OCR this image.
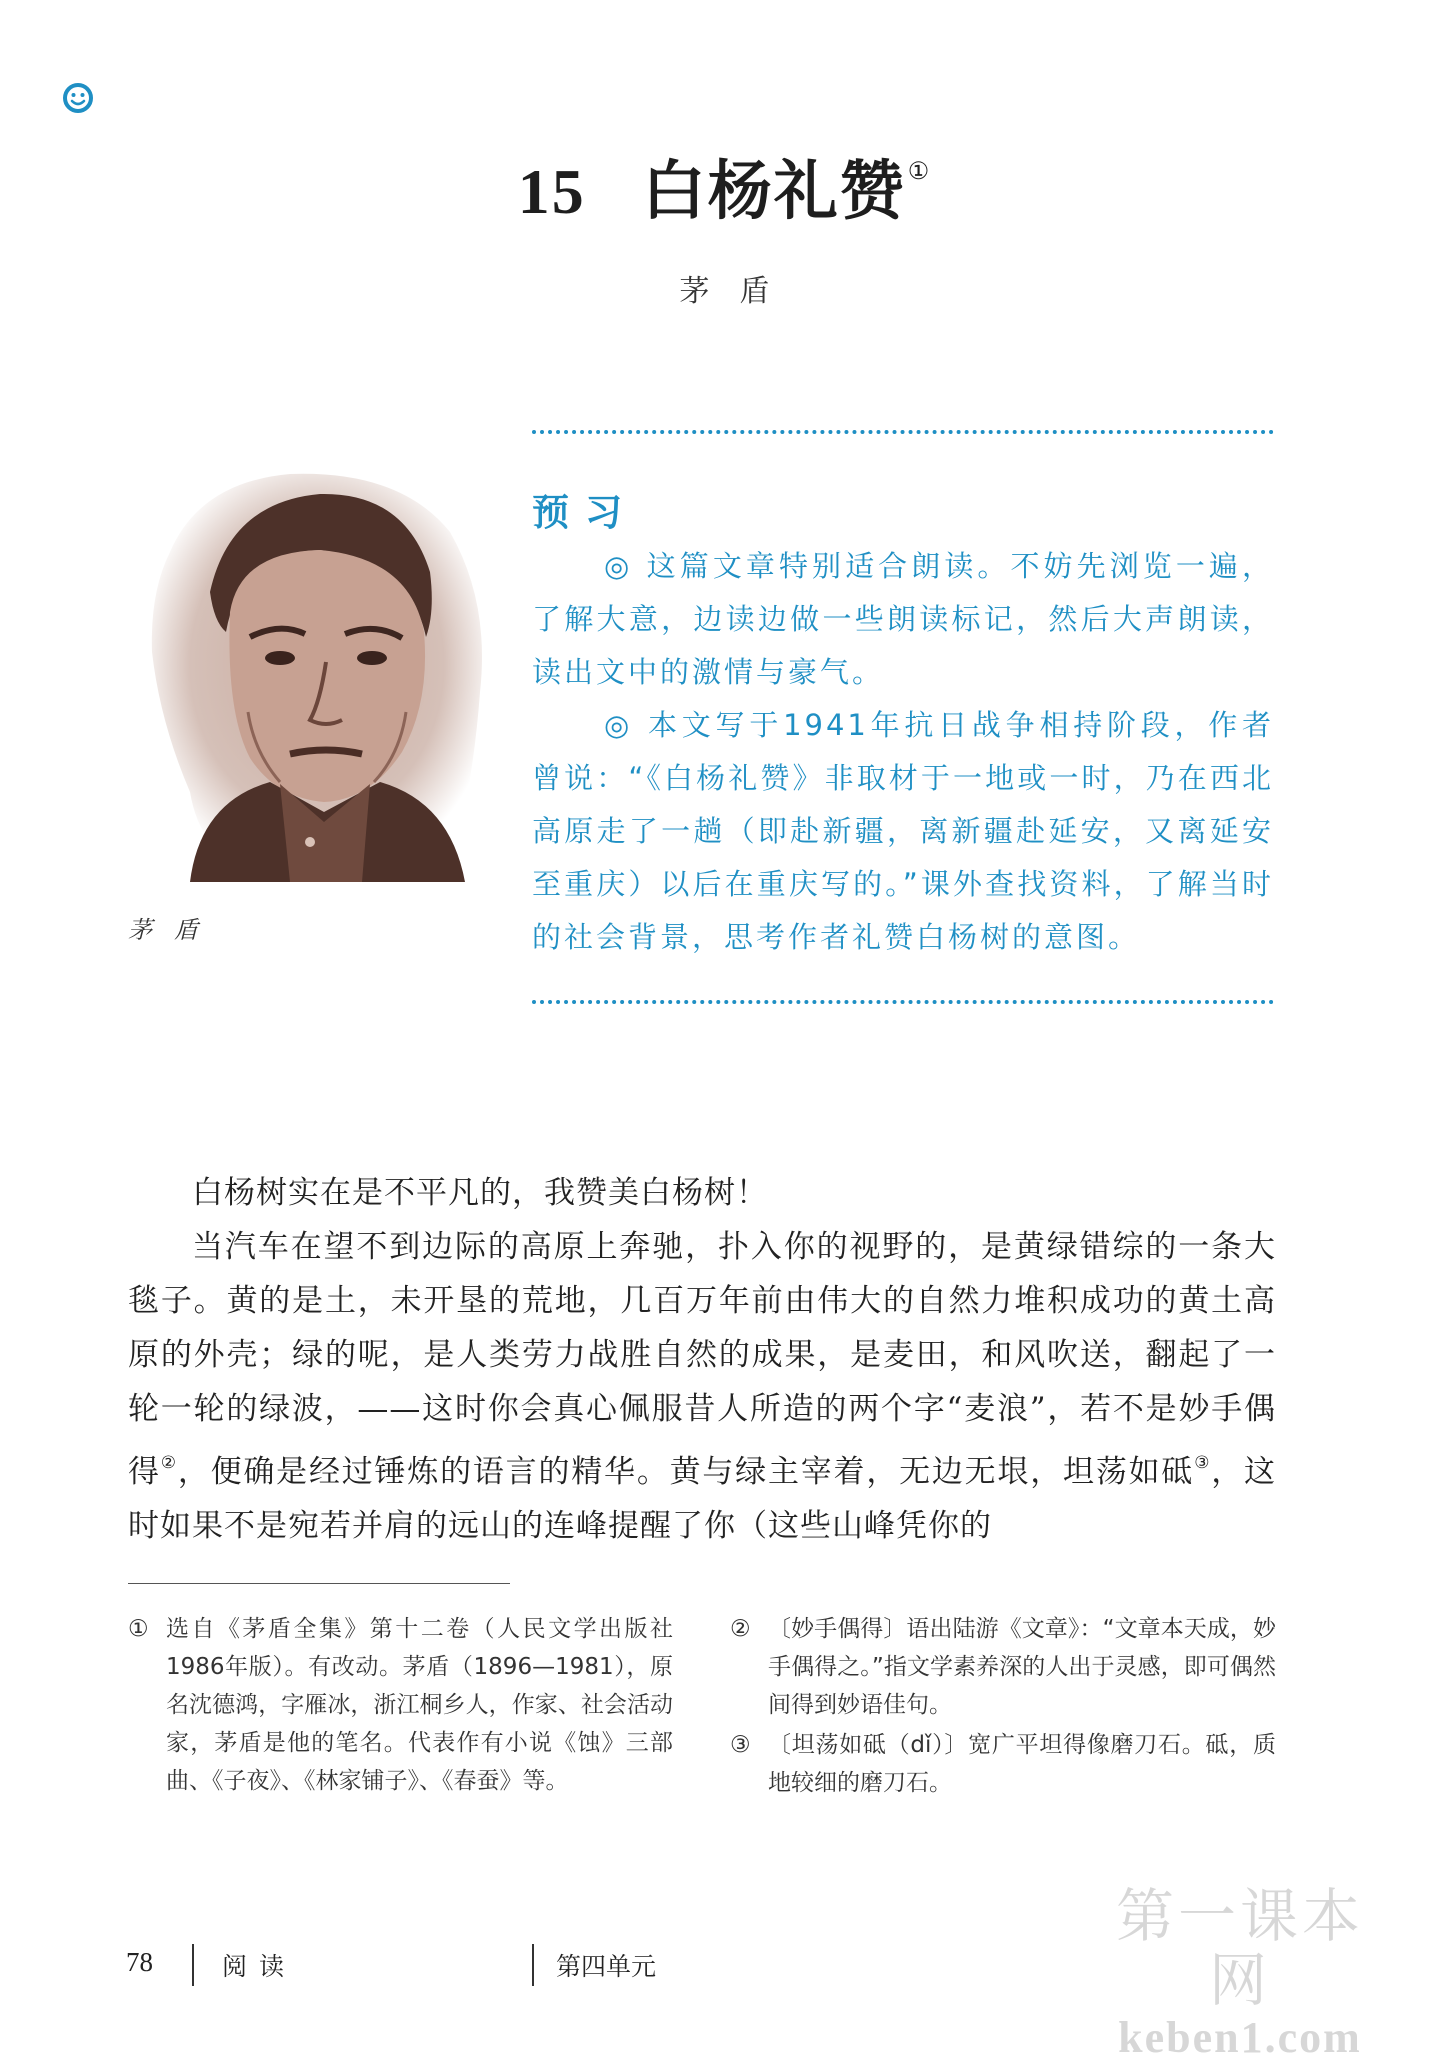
15 白杨礼赞①
茅盾
茅盾
预习

◎ 这篇文章特别适合朗读。不妨先浏览一遍，了解大意，边读边做一些朗读标记，然后大声朗读，读出文中的激情与豪气。

◎ 本文写于1941年抗日战争相持阶段，作者曾说：“《白杨礼赞》非取材于一地或一时，乃在西北高原走了一趟（即赴新疆，离新疆赴延安，又离延安至重庆）以后在重庆写的。”课外查找资料，了解当时的社会背景，思考作者礼赞白杨树的意图。

白杨树实在是不平凡的，我赞美白杨树！

当汽车在望不到边际的高原上奔驰，扑入你的视野的，是黄绿错综的一条大毯子。黄的是土，未开垦的荒地，几百万年前由伟大的自然力堆积成功的黄土高原的外壳；绿的呢，是人类劳力战胜自然的成果，是麦田，和风吹送，翻起了一轮一轮的绿波，——这时你会真心佩服昔人所造的两个字“麦浪”，若不是妙手偶得②，便确是经过锤炼的语言的精华。黄与绿主宰着，无边无垠，坦荡如砥③，这时如果不是宛若并肩的远山的连峰提醒了你（这些山峰凭你的

① 选自《茅盾全集》第十二卷（人民文学出版社1986年版）。有改动。茅盾（1896—1981），原名沈德鸿，字雁冰，浙江桐乡人，作家、社会活动家，茅盾是他的笔名。代表作有小说《蚀》三部曲、《子夜》、《林家铺子》、《春蚕》等。
② 〔妙手偶得〕语出陆游《文章》：“文章本天成，妙手偶得之。”指文学素养深的人出于灵感，即可偶然间得到妙语佳句。
③ 〔坦荡如砥（dǐ）〕宽广平坦得像磨刀石。砥，质地较细的磨刀石。
78	阅读	第四单元
第一课本网
keben1.com
